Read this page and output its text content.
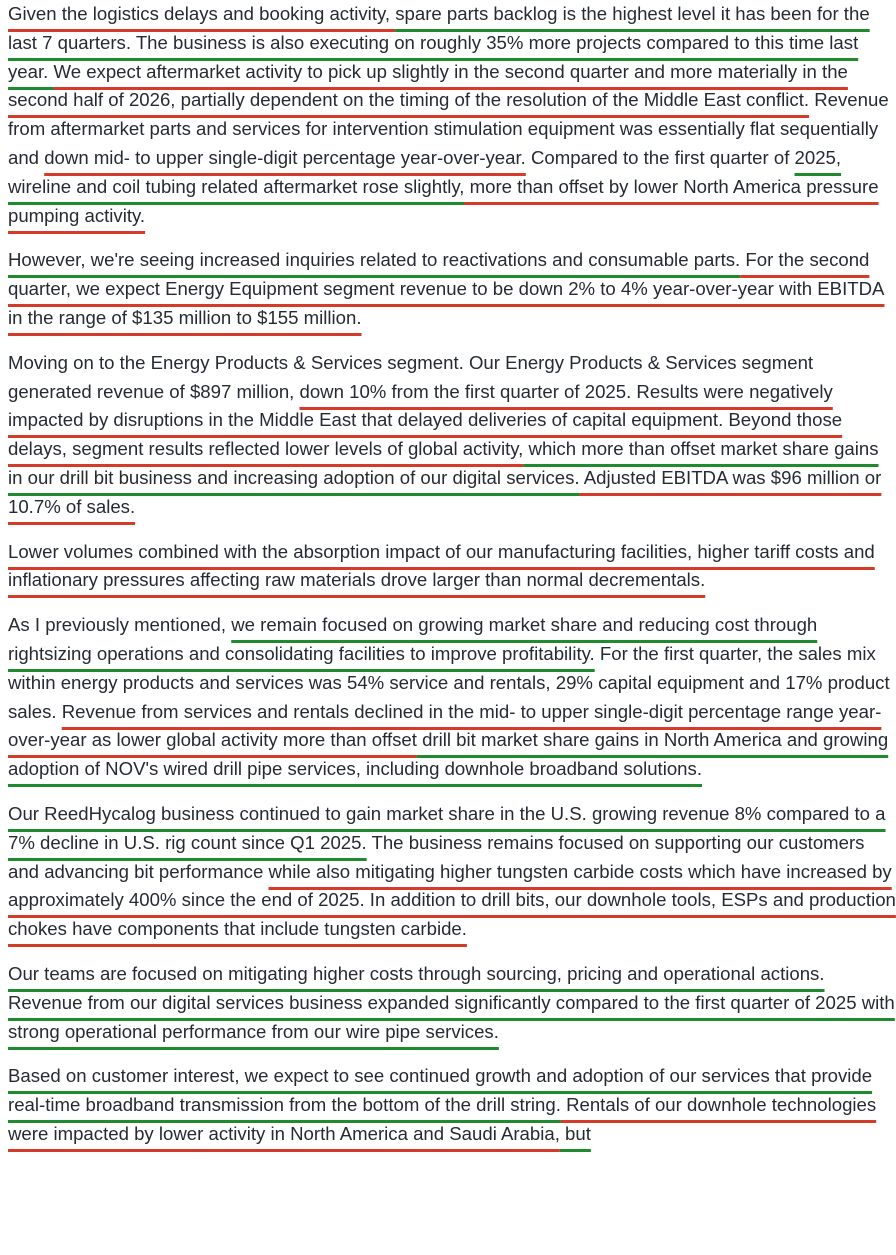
Given the logistics delays and booking activity, spare parts backlog is the highest level it has been for the last 7 quarters. The business is also executing on roughly 35% more projects compared to this time last year. We expect aftermarket activity to pick up slightly in the second quarter and more materially in the second half of 2026, partially dependent on the timing of the resolution of the Middle East conflict. Revenue from aftermarket parts and services for intervention stimulation equipment was essentially flat sequentially and down mid- to upper single-digit percentage year-over-year. Compared to the first quarter of 2025, wireline and coil tubing related aftermarket rose slightly, more than offset by lower North America pressure pumping activity.

However, we're seeing increased inquiries related to reactivations and consumable parts. For the second quarter, we expect Energy Equipment segment revenue to be down 2% to 4% year-over-year with EBITDA in the range of $135 million to $155 million.

Moving on to the Energy Products & Services segment. Our Energy Products & Services segment generated revenue of $897 million, down 10% from the first quarter of 2025. Results were negatively impacted by disruptions in the Middle East that delayed deliveries of capital equipment. Beyond those delays, segment results reflected lower levels of global activity, which more than offset market share gains in our drill bit business and increasing adoption of our digital services. Adjusted EBITDA was $96 million or 10.7% of sales.

Lower volumes combined with the absorption impact of our manufacturing facilities, higher tariff costs and inflationary pressures affecting raw materials drove larger than normal decrementals.

As I previously mentioned, we remain focused on growing market share and reducing cost through rightsizing operations and consolidating facilities to improve profitability. For the first quarter, the sales mix within energy products and services was 54% service and rentals, 29% capital equipment and 17% product sales. Revenue from services and rentals declined in the mid- to upper single-digit percentage range year-over-year as lower global activity more than offset drill bit market share gains in North America and growing adoption of NOV's wired drill pipe services, including downhole broadband solutions.

Our ReedHycalog business continued to gain market share in the U.S. growing revenue 8% compared to a 7% decline in U.S. rig count since Q1 2025. The business remains focused on supporting our customers and advancing bit performance while also mitigating higher tungsten carbide costs which have increased by approximately 400% since the end of 2025. In addition to drill bits, our downhole tools, ESPs and production chokes have components that include tungsten carbide.

Our teams are focused on mitigating higher costs through sourcing, pricing and operational actions. Revenue from our digital services business expanded significantly compared to the first quarter of 2025 with strong operational performance from our wire pipe services.

Based on customer interest, we expect to see continued growth and adoption of our services that provide real-time broadband transmission from the bottom of the drill string. Rentals of our downhole technologies were impacted by lower activity in North America and Saudi Arabia, but
